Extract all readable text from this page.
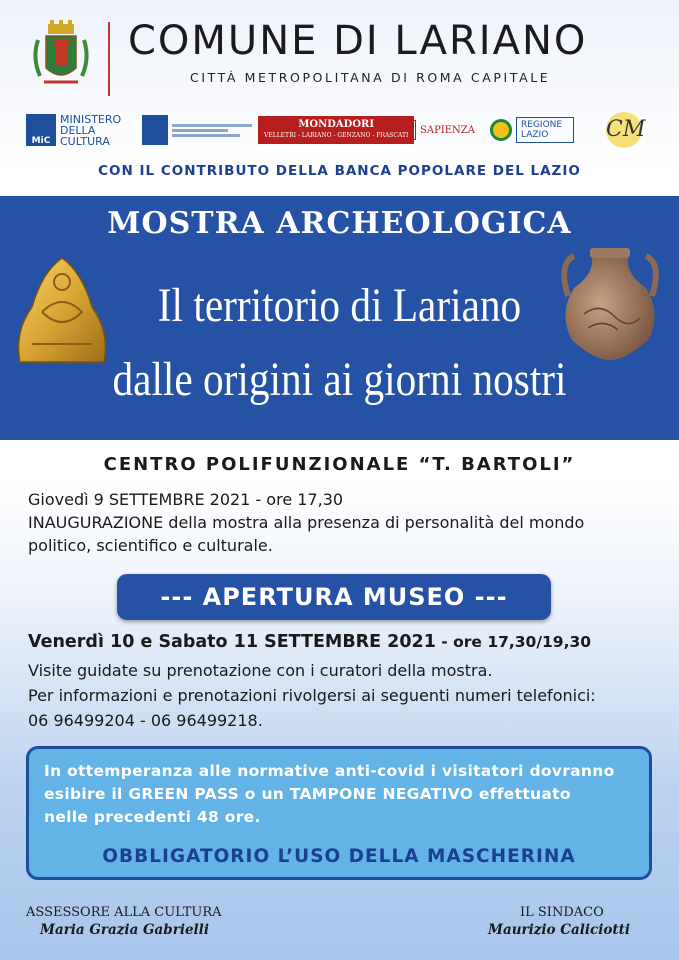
COMUNE DI LARIANO
CITTÀ METROPOLITANA DI ROMA CAPITALE
MiC
MINISTERO DELLA CULTURA
MONDADORI
VELLETRI - LARIANO - GENZANO - FRASCATI
CONSORZIO CASTELLI	SAPIENZA	REGIONE LAZIO	CM
CON IL CONTRIBUTO DELLA BANCA POPOLARE DEL LAZIO
MOSTRA ARCHEOLOGICA
Il territorio di Lariano
dalle origini ai giorni nostri
CENTRO POLIFUNZIONALE “T. BARTOLI”
Giovedì 9 SETTEMBRE 2021 - ore 17,30
INAUGURAZIONE della mostra alla presenza di personalità del mondo
politico, scientifico e culturale.
--- APERTURA MUSEO ---
Venerdì 10 e Sabato 11 SETTEMBRE 2021 - ore 17,30/19,30
Visite guidate su prenotazione con i curatori della mostra.
Per informazioni e prenotazioni rivolgersi ai seguenti numeri telefonici:
06 96499204 - 06 96499218.
In ottemperanza alle normative anti-covid i visitatori dovranno
esibire il GREEN PASS o un TAMPONE NEGATIVO effettuato
nelle precedenti 48 ore.
OBBLIGATORIO L’USO DELLA MASCHERINA
ASSESSORE ALLA CULTURA
Maria Grazia Gabrielli
IL SINDACO
Maurizio Caliciotti
